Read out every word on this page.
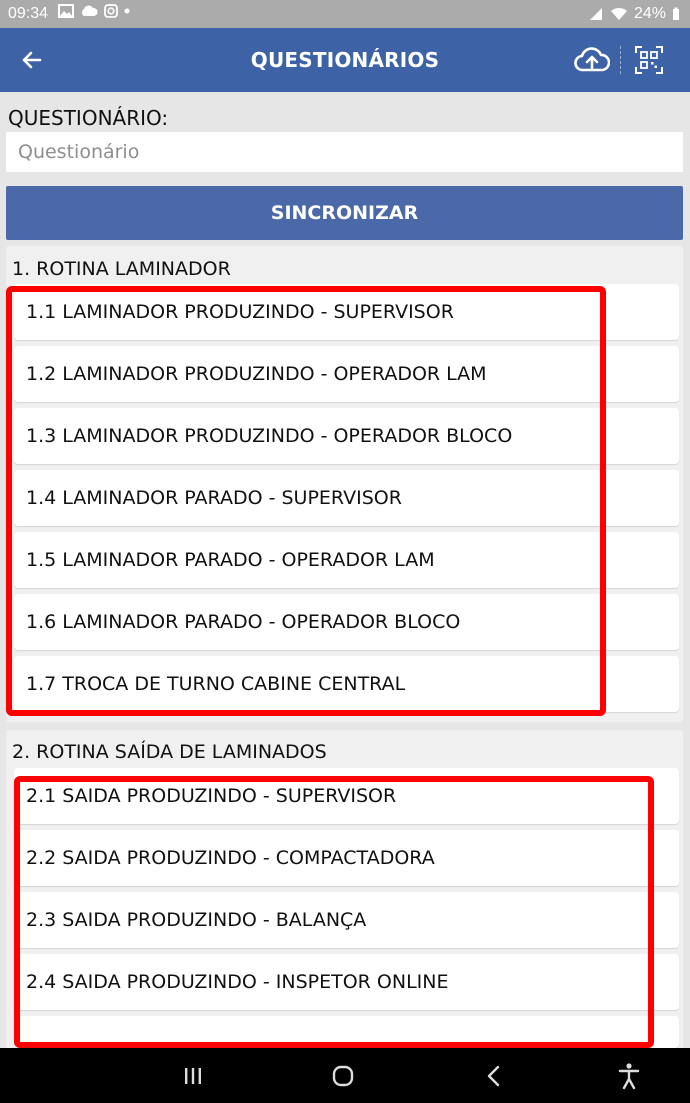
09:34	24%
QUESTIONÁRIOS
QUESTIONÁRIO:
Questionário
SINCRONIZAR
1. ROTINA LAMINADOR
1.1 LAMINADOR PRODUZINDO - SUPERVISOR
1.2 LAMINADOR PRODUZINDO - OPERADOR LAM
1.3 LAMINADOR PRODUZINDO - OPERADOR BLOCO
1.4 LAMINADOR PARADO - SUPERVISOR
1.5 LAMINADOR PARADO - OPERADOR LAM
1.6 LAMINADOR PARADO - OPERADOR BLOCO
1.7 TROCA DE TURNO CABINE CENTRAL
2. ROTINA SAÍDA DE LAMINADOS
2.1 SAIDA PRODUZINDO - SUPERVISOR
2.2 SAIDA PRODUZINDO - COMPACTADORA
2.3 SAIDA PRODUZINDO - BALANÇA
2.4 SAIDA PRODUZINDO - INSPETOR ONLINE
